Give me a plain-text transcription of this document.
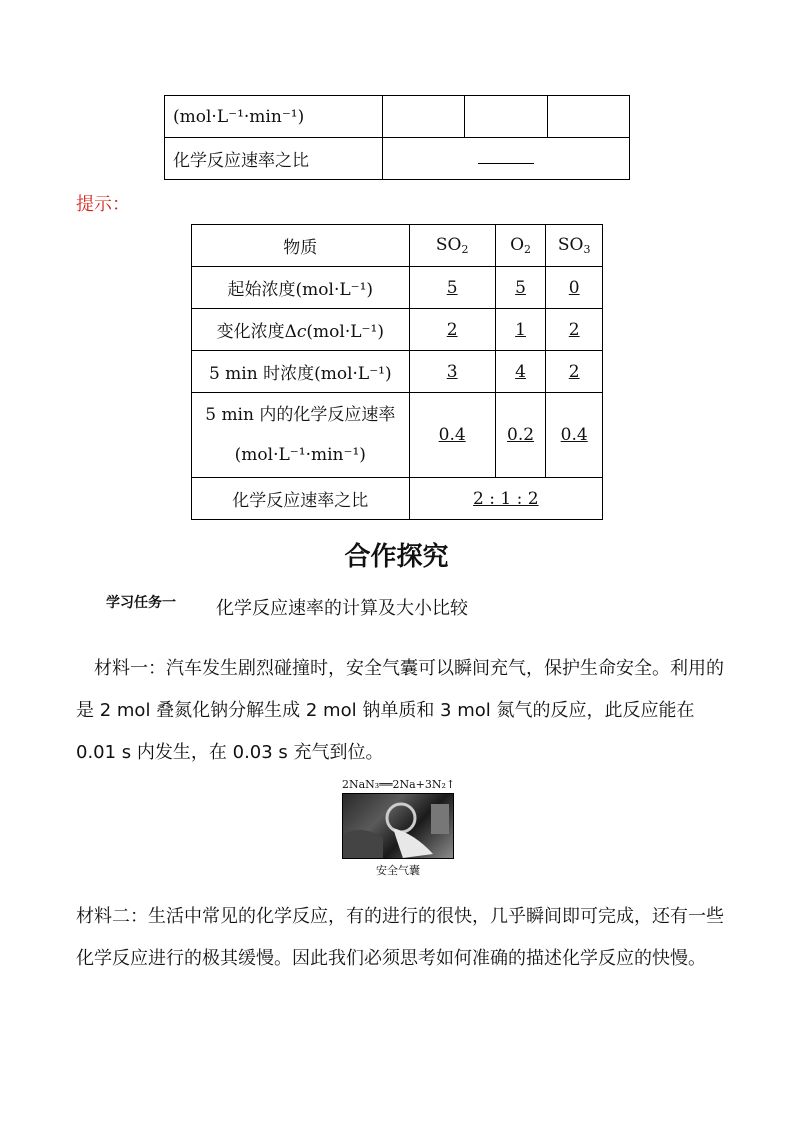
(mol·L⁻¹·min⁻¹)			
化学反应速率之比			
提示：
物质	$SO_2$	$O_2$	$SO_3$
起始浓度(mol·L⁻¹)	5	5	0
变化浓度Δc(mol·L⁻¹)	2	1	2
5 min 时浓度(mol·L⁻¹)	3	4	2

5 min 内的化学反应速率
(mol·L⁻¹·min⁻¹)	0.4	0.2	0.4
化学反应速率之比	2 : 1 : 2		
合作探究
学习任务一 化学反应速率的计算及大小比较
材料一：汽车发生剧烈碰撞时，安全气囊可以瞬间充气，保护生命安全。利用的是 2 mol 叠氮化钠分解生成 2 mol 钠单质和 3 mol 氮气的反应，此反应能在 0.01 s 内发生，在 0.03 s 充气到位。
2NaN₃══2Na+3N₂↑
安全气囊
材料二：生活中常见的化学反应，有的进行的很快，几乎瞬间即可完成，还有一些化学反应进行的极其缓慢。因此我们必须思考如何准确的描述化学反应的快慢。
